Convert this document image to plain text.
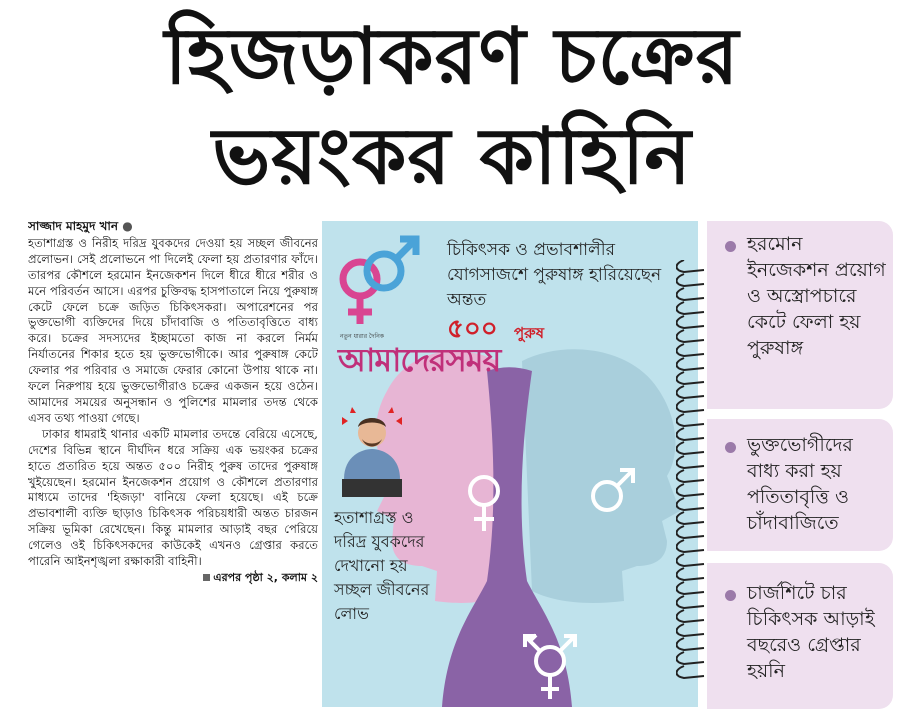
হিজড়াকরণ চক্রের
ভয়ংকর কাহিনি
সাজ্জাদ মাহমুদ খান ●

হতাশাগ্রস্ত ও নিরীহ দরিদ্র যুবকদের দেওয়া হয় সচ্ছল জীবনের প্রলোভন। সেই প্রলোভনে পা দিলেই ফেলা হয় প্রতারণার ফাঁদে। তারপর কৌশলে হরমোন ইনজেকশন দিলে ধীরে ধীরে শরীর ও মনে পরিবর্তন আসে। এরপর চুক্তিবদ্ধ হাসপাতালে নিয়ে পুরুষাঙ্গ কেটে ফেলে চক্রে জড়িত চিকিৎসকরা। অপারেশনের পর ভুক্তভোগী ব্যক্তিদের দিয়ে চাঁদাবাজি ও পতিতাবৃত্তিতে বাধ্য করে। চক্রের সদস্যদের ইচ্ছামতো কাজ না করলে নির্মম নির্যাতনের শিকার হতে হয় ভুক্তভোগীকে। আর পুরুষাঙ্গ কেটে ফেলার পর পরিবার ও সমাজে ফেরার কোনো উপায় থাকে না। ফলে নিরুপায় হয়ে ভুক্তভোগীরাও চক্রের একজন হয়ে ওঠেন। আমাদের সময়ের অনুসন্ধান ও পুলিশের মামলার তদন্ত থেকে এসব তথ্য পাওয়া গেছে।

ঢাকার ধামরাই থানার একটি মামলার তদন্তে বেরিয়ে এসেছে, দেশের বিভিন্ন স্থানে দীর্ঘদিন ধরে সক্রিয় এক ভয়ংকর চক্রের হাতে প্রতারিত হয়ে অন্তত ৫০০ নিরীহ পুরুষ তাদের পুরুষাঙ্গ খুইয়েছেন। হরমোন ইনজেকশন প্রয়োগ ও কৌশলে প্রতারণার মাধ্যমে তাদের 'হিজড়া' বানিয়ে ফেলা হয়েছে। এই চক্রে প্রভাবশালী ব্যক্তি ছাড়াও চিকিৎসক পরিচয়ধারী অন্তত চারজন সক্রিয় ভূমিকা রেখেছেন। কিন্তু মামলার আড়াই বছর পেরিয়ে গেলেও ওই চিকিৎসকদের কাউকেই এখনও গ্রেপ্তার করতে পারেনি আইনশৃঙ্খলা রক্ষাকারী বাহিনী।

এরপর পৃষ্ঠা ২, কলাম ২
চিকিৎসক ও প্রভাবশালীর যোগসাজশে পুরুষাঙ্গ হারিয়েছেন অন্তত
৫০০ পুরুষ
হতাশাগ্রস্ত ও দরিদ্র যুবকদের দেখানো হয় সচ্ছল জীবনের লোভ
নতুন ধারার দৈনিক
আমাদেরসময়
হরমোন ইনজেকশন প্রয়োগ ও অস্ত্রোপচারে কেটে ফেলা হয় পুরুষাঙ্গ
ভুক্তভোগীদের বাধ্য করা হয় পতিতাবৃত্তি ও চাঁদাবাজিতে
চার্জশিটে চার চিকিৎসক আড়াই বছরেও গ্রেপ্তার হয়নি
